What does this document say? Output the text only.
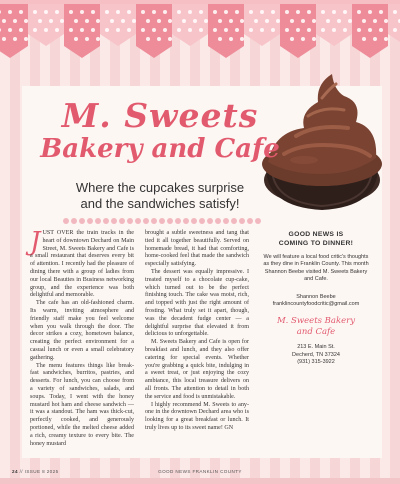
M. Sweets
Bakery and Cafe
Where the cupcakes surprise
and the sandwiches satisfy!

JUST OVER the train tracks in the heart of downtown Dechard on Main Street, M. Sweets Bakery and Cafe is a small restaurant that deserves every bit of attention. I recently had the pleasure of dining there with a group of ladies from our local Beauties in Business networking group, and the experience was both delightful and memorable.

The cafe has an old-fashioned charm. Its warm, inviting atmosphere and friendly staff make you feel welcome when you walk through the door. The decor strikes a cozy, hometown balance, creating the perfect environment for a casual lunch or even a small celebratory gathering.

The menu features things like break-fast sandwiches, burritos, pastries, and desserts. For lunch, you can choose from a variety of sandwiches, salads, and soups. Today, I went with the honey mustard hot ham and cheese sandwich — it was a standout. The ham was thick-cut, perfectly cooked, and generously portioned, while the melted cheese added a rich, creamy texture to every bite. The honey mustard

brought a subtle sweetness and tang that tied it all together beautifully. Served on homemade bread, it had that comforting, home-cooked feel that made the sandwich especially satisfying.

The dessert was equally impressive. I treated myself to a chocolate cup-cake, which turned out to be the perfect finishing touch. The cake was moist, rich, and topped with just the right amount of frosting. What truly set it apart, though, was the decadent fudge center — a delightful surprise that elevated it from delicious to unforgettable.

M. Sweets Bakery and Cafe is open for breakfast and lunch, and they also offer catering for special events. Whether you're grabbing a quick bite, indulging in a sweet treat, or just enjoying the cozy ambiance, this local treasure delivers on all fronts. The attention to detail in both the service and food is unmistakable.

I highly recommend M. Sweets to any-one in the downtown Dechard area who is looking for a great breakfast or lunch. It truly lives up to its sweet name! GN

GOOD NEWS IS
COMING TO DINNER!
We will feature a local food critic's thoughts as they dine in Franklin County. This month Shannon Beebe visited M. Sweets Bakery and Cafe.
Shannon Beebe
franklincountyfoodcritic@gmail.com
M. Sweets Bakery
and Cafe
213 E. Main St.
Decherd, TN 37324
(931) 315-3922
24 // ISSUE 8 2025	GOOD NEWS FRANKLIN COUNTY
